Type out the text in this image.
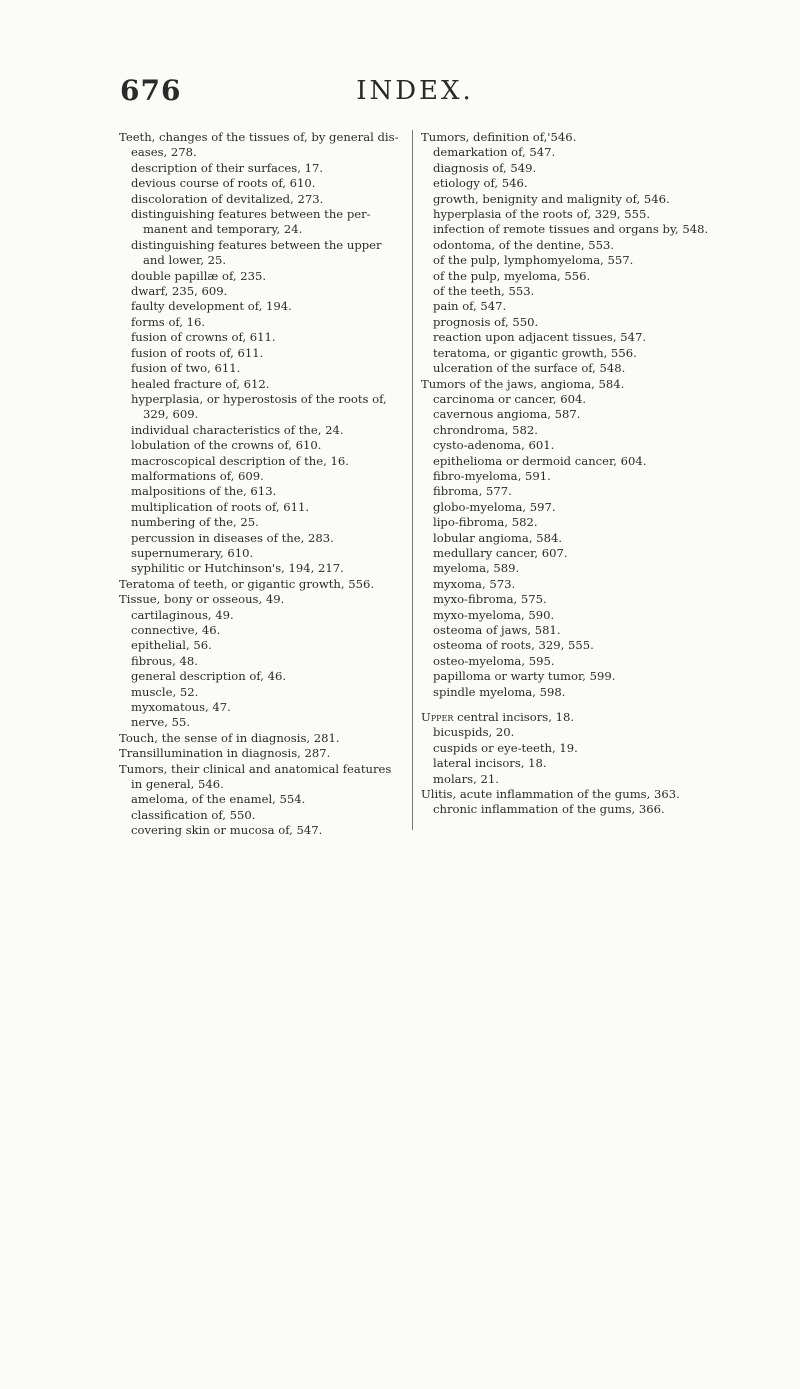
676	INDEX.
Teeth, changes of the tissues of, by general dis-eases, 278.
description of their surfaces, 17.
devious course of roots of, 610.
discoloration of devitalized, 273.
distinguishing features between the per-manent and temporary, 24.
distinguishing features between the upper and lower, 25.
double papillæ of, 235.
dwarf, 235, 609.
faulty development of, 194.
forms of, 16.
fusion of crowns of, 611.
fusion of roots of, 611.
fusion of two, 611.
healed fracture of, 612.
hyperplasia, or hyperostosis of the roots of, 329, 609.
individual characteristics of the, 24.
lobulation of the crowns of, 610.
macroscopical description of the, 16.
malformations of, 609.
malpositions of the, 613.
multiplication of roots of, 611.
numbering of the, 25.
percussion in diseases of the, 283.
supernumerary, 610.
syphilitic or Hutchinson's, 194, 217.
Teratoma of teeth, or gigantic growth, 556.
Tissue, bony or osseous, 49.
cartilaginous, 49.
connective, 46.
epithelial, 56.
fibrous, 48.
general description of, 46.
muscle, 52.
myxomatous, 47.
nerve, 55.
Touch, the sense of in diagnosis, 281.
Transillumination in diagnosis, 287.
Tumors, their clinical and anatomical features in general, 546.
ameloma, of the enamel, 554.
classification of, 550.
covering skin or mucosa of, 547.
Tumors, definition of,'546.
demarkation of, 547.
diagnosis of, 549.
etiology of, 546.
growth, benignity and malignity of, 546.
hyperplasia of the roots of, 329, 555.
infection of remote tissues and organs by, 548.
odontoma, of the dentine, 553.
of the pulp, lymphomyeloma, 557.
of the pulp, myeloma, 556.
of the teeth, 553.
pain of, 547.
prognosis of, 550.
reaction upon adjacent tissues, 547.
teratoma, or gigantic growth, 556.
ulceration of the surface of, 548.
Tumors of the jaws, angioma, 584.
carcinoma or cancer, 604.
cavernous angioma, 587.
chrondroma, 582.
cysto-adenoma, 601.
epithelioma or dermoid cancer, 604.
fibro-myeloma, 591.
fibroma, 577.
globo-myeloma, 597.
lipo-fibroma, 582.
lobular angioma, 584.
medullary cancer, 607.
myeloma, 589.
myxoma, 573.
myxo-fibroma, 575.
myxo-myeloma, 590.
osteoma of jaws, 581.
osteoma of roots, 329, 555.
osteo-myeloma, 595.
papilloma or warty tumor, 599.
spindle myeloma, 598.
Upper central incisors, 18.
bicuspids, 20.
cuspids or eye-teeth, 19.
lateral incisors, 18.
molars, 21.
Ulitis, acute inflammation of the gums, 363.
chronic inflammation of the gums, 366.
